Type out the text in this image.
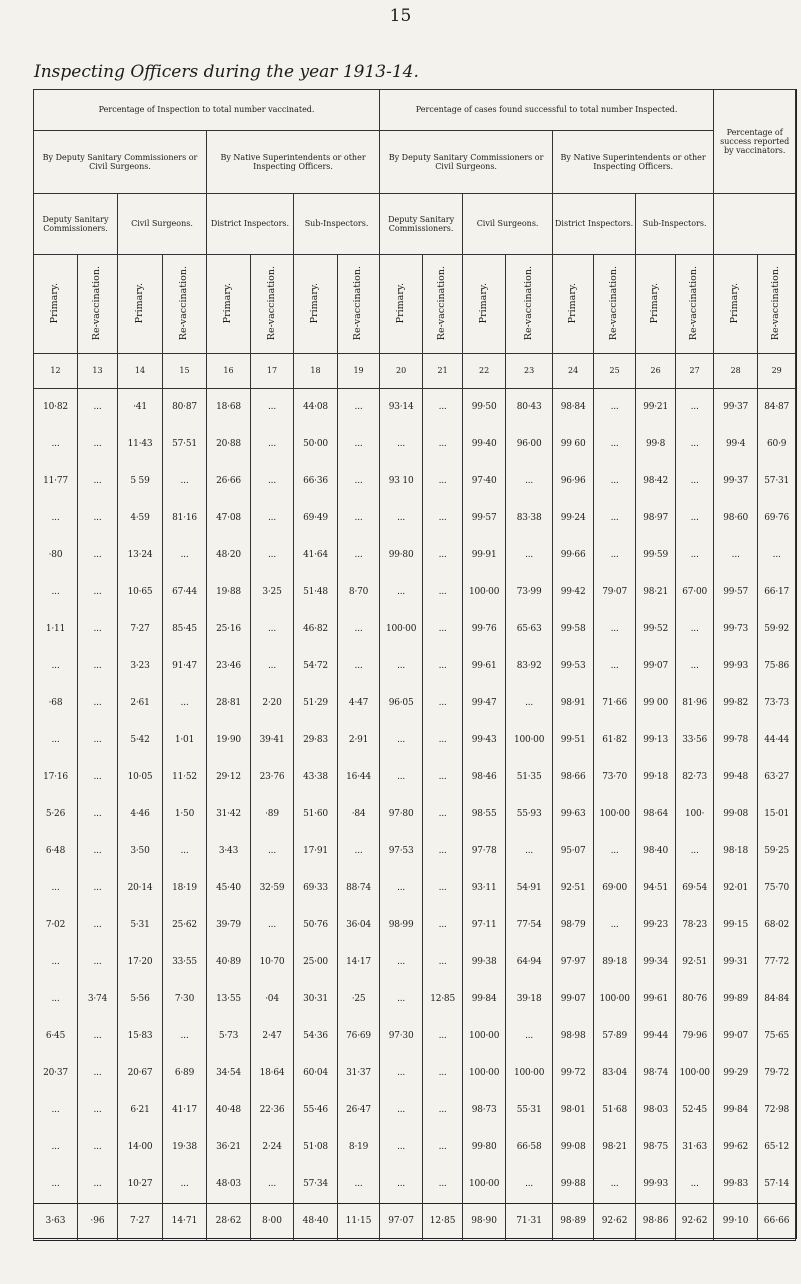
15
Inspecting Officers during the year 1913-14.
Percentage of Inspection to total number vaccinated.								Percentage of cases found successful to total number Inspected.								Percentage of success reported by vaccinators.	
By Deputy Sanitary Commissioners or Civil Surgeons.				By Native Superintendents or other Inspecting Officers.				By Deputy Sanitary Commissioners or Civil Surgeons.				By Native Superintendents or other Inspecting Officers.					
Deputy Sanitary Commissioners.		Civil Surgeons.		District Inspectors.		Sub-Inspectors.		Deputy Sanitary Commissioners.		Civil Surgeons.		District Inspectors.		Sub-Inspectors.			
Primary.	Re-vaccination.	Primary.	Re-vaccination.	Primary.	Re-vaccination.	Primary.	Re-vaccination.	Primary.	Re-vaccination.	Primary.	Re-vaccination.	Primary.	Re-vaccination.	Primary.	Re-vaccination.	Primary.	Re-vaccination.
12	13	14	15	16	17	18	19	20	21	22	23	24	25	26	27	28	29

10·82	...	·41	80·87	18·68	...	44·08	...	93·14	...	99·50	80·43	98·84	...	99·21	...	99·37	84·87
...	...	11·43	57·51	20·88	...	50·00	...	...	...	99·40	96·00	99 60	...	99·8	...	99·4	60·9
11·77	...	5 59	...	26·66	...	66·36	...	93 10	...	97·40	...	96·96	...	98·42	...	99·37	57·31
...	...	4·59	81·16	47·08	...	69·49	...	...	...	99·57	83·38	99·24	...	98·97	...	98·60	69·76
·80	...	13·24	...	48·20	...	41·64	...	99·80	...	99·91	...	99·66	...	99·59	...	...	...
...	...	10·65	67·44	19·88	3·25	51·48	8·70	...	...	100·00	73·99	99·42	79·07	98·21	67·00	99·57	66·17
1·11	...	7·27	85·45	25·16	...	46·82	...	100·00	...	99·76	65·63	99·58	...	99·52	...	99·73	59·92
...	...	3·23	91·47	23·46	...	54·72	...	...	...	99·61	83·92	99·53	...	99·07	...	99·93	75·86
·68	...	2·61	...	28·81	2·20	51·29	4·47	96·05	...	99·47	...	98·91	71·66	99 00	81·96	99·82	73·73
...	...	5·42	1·01	19·90	39·41	29·83	2·91	...	...	99·43	100·00	99·51	61·82	99·13	33·56	99·78	44·44
17·16	...	10·05	11·52	29·12	23·76	43·38	16·44	...	...	98·46	51·35	98·66	73·70	99·18	82·73	99·48	63·27
5·26	...	4·46	1·50	31·42	·89	51·60	·84	97·80	...	98·55	55·93	99·63	100·00	98·64	100·	99·08	15·01
6·48	...	3·50	...	3·43	...	17·91	...	97·53	...	97·78	...	95·07	...	98·40	...	98·18	59·25
...	...	20·14	18·19	45·40	32·59	69·33	88·74	...	...	93·11	54·91	92·51	69·00	94·51	69·54	92·01	75·70
7·02	...	5·31	25·62	39·79	...	50·76	36·04	98·99	...	97·11	77·54	98·79	...	99·23	78·23	99·15	68·02
...	...	17·20	33·55	40·89	10·70	25·00	14·17	...	...	99·38	64·94	97·97	89·18	99·34	92·51	99·31	77·72
...	3·74	5·56	7·30	13·55	·04	30·31	·25	...	12·85	99·84	39·18	99·07	100·00	99·61	80·76	99·89	84·84
6·45	...	15·83	...	5·73	2·47	54·36	76·69	97·30	...	100·00	...	98·98	57·89	99·44	79·96	99·07	75·65
20·37	...	20·67	6·89	34·54	18·64	60·04	31·37	...	...	100·00	100·00	99·72	83·04	98·74	100·00	99·29	79·72
...	...	6·21	41·17	40·48	22·36	55·46	26·47	...	...	98·73	55·31	98·01	51·68	98·03	52·45	99·84	72·98
...	...	14·00	19·38	36·21	2·24	51·08	8·19	...	...	99·80	66·58	99·08	98·21	98·75	31·63	99·62	65·12
...	...	10·27	...	48·03	...	57·34	...	...	...	100·00	...	99·88	...	99·93	...	99·83	57·14
3·63	·96	7·27	14·71	28·62	8·00	48·40	11·15	97·07	12·85	98·90	71·31	98·89	92·62	98·86	92·62	99·10	66·66
